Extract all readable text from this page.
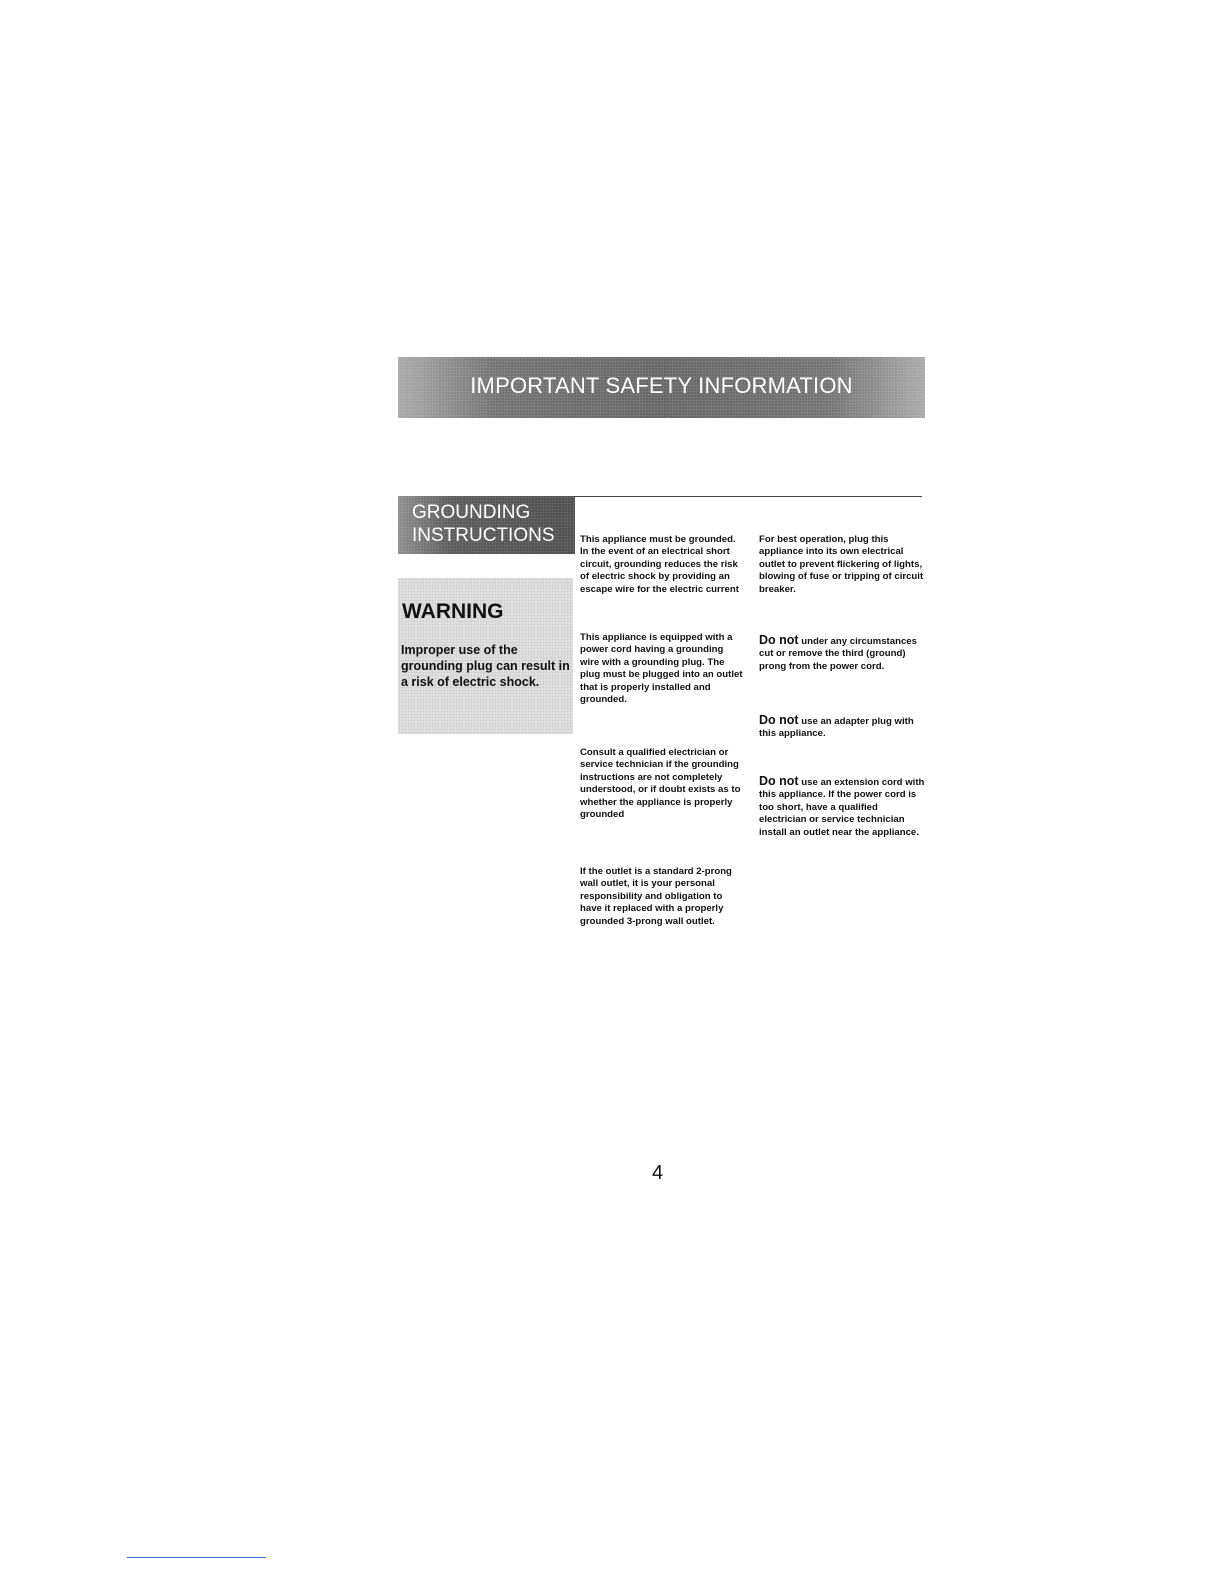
IMPORTANT SAFETY INFORMATION
GROUNDING
INSTRUCTIONS
WARNING
Improper use of the grounding plug can result in a risk of electric shock.

This appliance must be grounded. In the event of an electrical short circuit, grounding reduces the risk of electric shock by providing an escape wire for the electric current

This appliance is equipped with a power cord having a grounding wire with a grounding plug. The plug must be plugged into an outlet that is properly installed and grounded.

Consult a qualified electrician or service technician if the grounding instructions are not completely understood, or if doubt exists as to whether the appliance is properly grounded

If the outlet is a standard 2-prong wall outlet, it is your personal responsibility and obligation to have it replaced with a properly grounded 3-prong wall outlet.

For best operation, plug this appliance into its own electrical outlet to prevent flickering of lights, blowing of fuse or tripping of circuit breaker.

Do not under any circumstances cut or remove the third (ground) prong from the power cord.

Do not use an adapter plug with this appliance.

Do not use an extension cord with this appliance. If the power cord is too short, have a qualified electrician or service technician install an outlet near the appliance.

4
